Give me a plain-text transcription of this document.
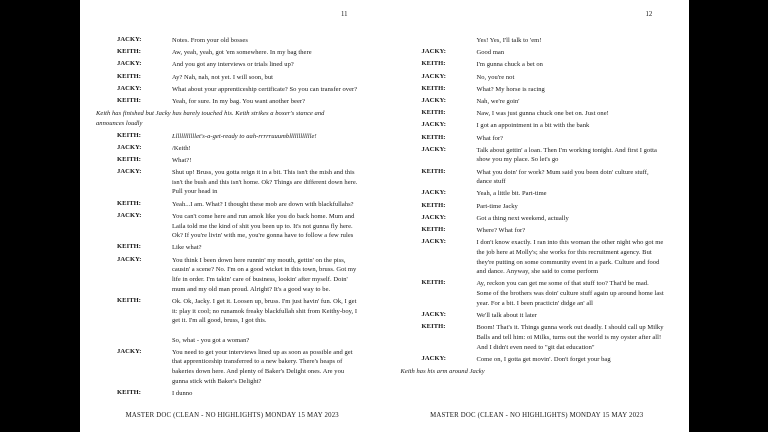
11
JACKY:	Notes. From your old bosses
KEITH:	Aw, yeah, yeah, got 'em somewhere. In my bag there
JACKY:	And you got any interviews or trials lined up?
KEITH:	Ay? Nah, nah, not yet. I will soon, but
JACKY:	What about your apprenticeship certificate? So you can transfer over?
KEITH:	Yeah, for sure. In my bag. You want another beer?
Keith has finished but Jacky has barely touched his. Keith strikes a boxer's stance and
announces loudly
KEITH:	Llllllllllllet's-a-get-ready to aah-rrrrruuumblllllllllllle!
JACKY:	/Keith!
KEITH:	What?!
JACKY:	Shut up! Bruss, you gotta reign it in a bit. This isn't the mish and this
isn't the bush and this isn't home. Ok? Things are different down here.
Pull your head in
KEITH:	Yeah...I am. What? I thought these mob are down with blackfullahs?
JACKY:	You can't come here and run amok like you do back home. Mum and
Laila told me the kind of shit you been up to. It's not gunna fly here.
Ok? If you're livin' with me, you're gonna have to follow a few rules
KEITH:	Like what?
JACKY:	You think I been down here runnin' my mouth, gettin' on the piss,
causin' a scene? No. I'm on a good wicket in this town, bruss. Got my
life in order. I'm takin' care of business, lookin' after myself. Doin'
mum and my old man proud. Alright? It's a good way to be.
KEITH:	Ok. Ok, Jacky. I get it. Loosen up, bruss. I'm just havin' fun. Ok, I get
it: play it cool; no runamok freaky blackfullah shit from Keithy-boy, I
get it. I'm all good, bruss, I got this.
So, what - you got a woman?
JACKY:	You need to get your interviews lined up as soon as possible and get
that apprenticeship transferred to a new bakery. There's heaps of
bakeries down here. And plenty of Baker's Delight ones. Are you
gunna stick with Baker's Delight?
KEITH:	I dunno
MASTER DOC (CLEAN - NO HIGHLIGHTS) MONDAY 15 MAY 2023
12
Yes! Yes, I'll talk to 'em!
JACKY:	Good man
KEITH:	I'm gunna chuck a bet on
JACKY:	No, you're not
KEITH:	What? My horse is racing
JACKY:	Nah, we're goin'
KEITH:	Naw, I was just gunna chuck one bet on. Just one!
JACKY:	I got an appointment in a bit with the bank
KEITH:	What for?
JACKY:	Talk about gettin' a loan. Then I'm working tonight. And first I gotta
show you my place. So let's go
KEITH:	What you doin' for work? Mum said you been doin' culture stuff,
dance stuff
JACKY:	Yeah, a little bit. Part-time
KEITH:	Part-time Jacky
JACKY:	Got a thing next weekend, actually
KEITH:	Where? What for?
JACKY:	I don't know exactly. I ran into this woman the other night who got me
the job here at Molly's; she works for this recruitment agency. But
they're putting on some community event in a park. Culture and food
and dance. Anyway, she said to come perform
KEITH:	Ay, reckon you can get me some of that stuff too? That'd be mad.
Some of the brothers was doin' culture stuff again up around home last
year. For a bit. I been practicin' didge an' all
JACKY:	We'll talk about it later
KEITH:	Boom! That's it. Things gunna work out deadly. I should call up Milky
Balls and tell him: oi Milks, turns out the world is my oyster after all!
And I didn't even need to "git dat education"
JACKY:	Come on, I gotta get movin'. Don't forget your bag
Keith has his arm around Jacky
MASTER DOC (CLEAN - NO HIGHLIGHTS) MONDAY 15 MAY 2023
